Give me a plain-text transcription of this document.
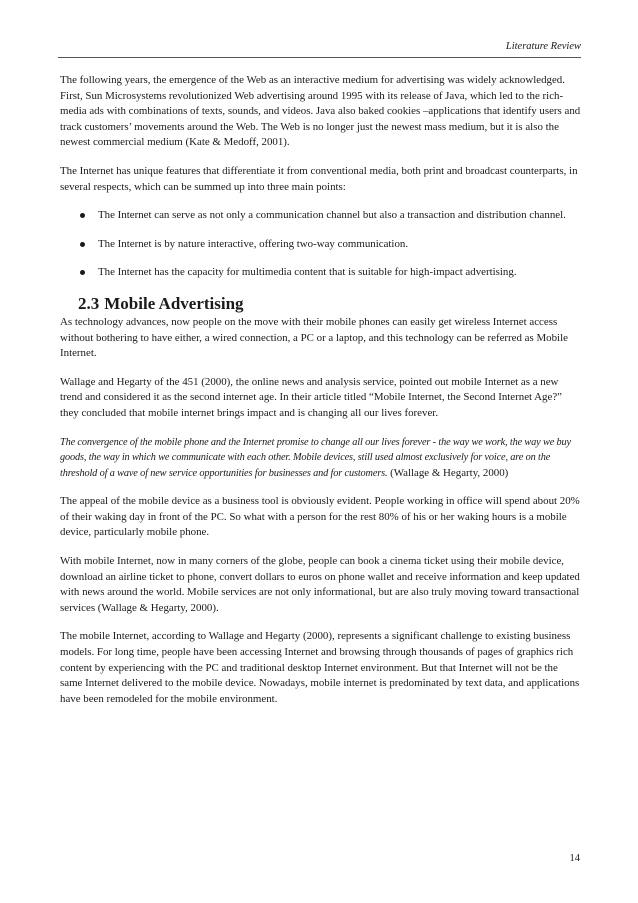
Literature Review

The following years, the emergence of the Web as an interactive medium for advertising was widely acknowledged. First, Sun Microsystems revolutionized Web advertising around 1995 with its release of Java, which led to the rich-media ads with combinations of texts, sounds, and videos. Java also baked cookies –applications that identify users and track customers’ movements around the Web. The Web is no longer just the newest mass medium, but it is also the newest commercial medium (Kate & Medoff, 2001).

The Internet has unique features that differentiate it from conventional media, both print and broadcast counterparts, in several respects, which can be summed up into three main points:

The Internet can serve as not only a communication channel but also a transaction and distribution channel.
The Internet is by nature interactive, offering two-way communication.
The Internet has the capacity for multimedia content that is suitable for high-impact advertising.
2.3 Mobile Advertising

As technology advances, now people on the move with their mobile phones can easily get wireless Internet access without bothering to have either, a wired connection, a PC or a laptop, and this technology can be referred as Mobile Internet.

Wallage and Hegarty of the 451 (2000), the online news and analysis service, pointed out mobile Internet as a new trend and considered it as the second internet age. In their article titled “Mobile Internet, the Second Internet Age?” they concluded that mobile internet brings impact and is changing all our lives forever.

The convergence of the mobile phone and the Internet promise to change all our lives forever - the way we work, the way we buy goods, the way in which we communicate with each other. Mobile devices, still used almost exclusively for voice, are on the threshold of a wave of new service opportunities for businesses and for customers. (Wallage & Hegarty, 2000)

The appeal of the mobile device as a business tool is obviously evident. People working in office will spend about 20% of their waking day in front of the PC. So what with a person for the rest 80% of his or her waking hours is a mobile device, particularly mobile phone.

With mobile Internet, now in many corners of the globe, people can book a cinema ticket using their mobile device, download an airline ticket to phone, convert dollars to euros on phone wallet and receive information and keep updated with news around the world. Mobile services are not only informational, but are also truly moving toward transactional services (Wallage & Hegarty, 2000).

The mobile Internet, according to Wallage and Hegarty (2000), represents a significant challenge to existing business models. For long time, people have been accessing Internet and browsing through thousands of pages of graphics rich content by experiencing with the PC and traditional desktop Internet environment. But that Internet will not be the same Internet delivered to the mobile device. Nowadays, mobile internet is predominated by text data, and applications have been remodeled for the mobile environment.

14
